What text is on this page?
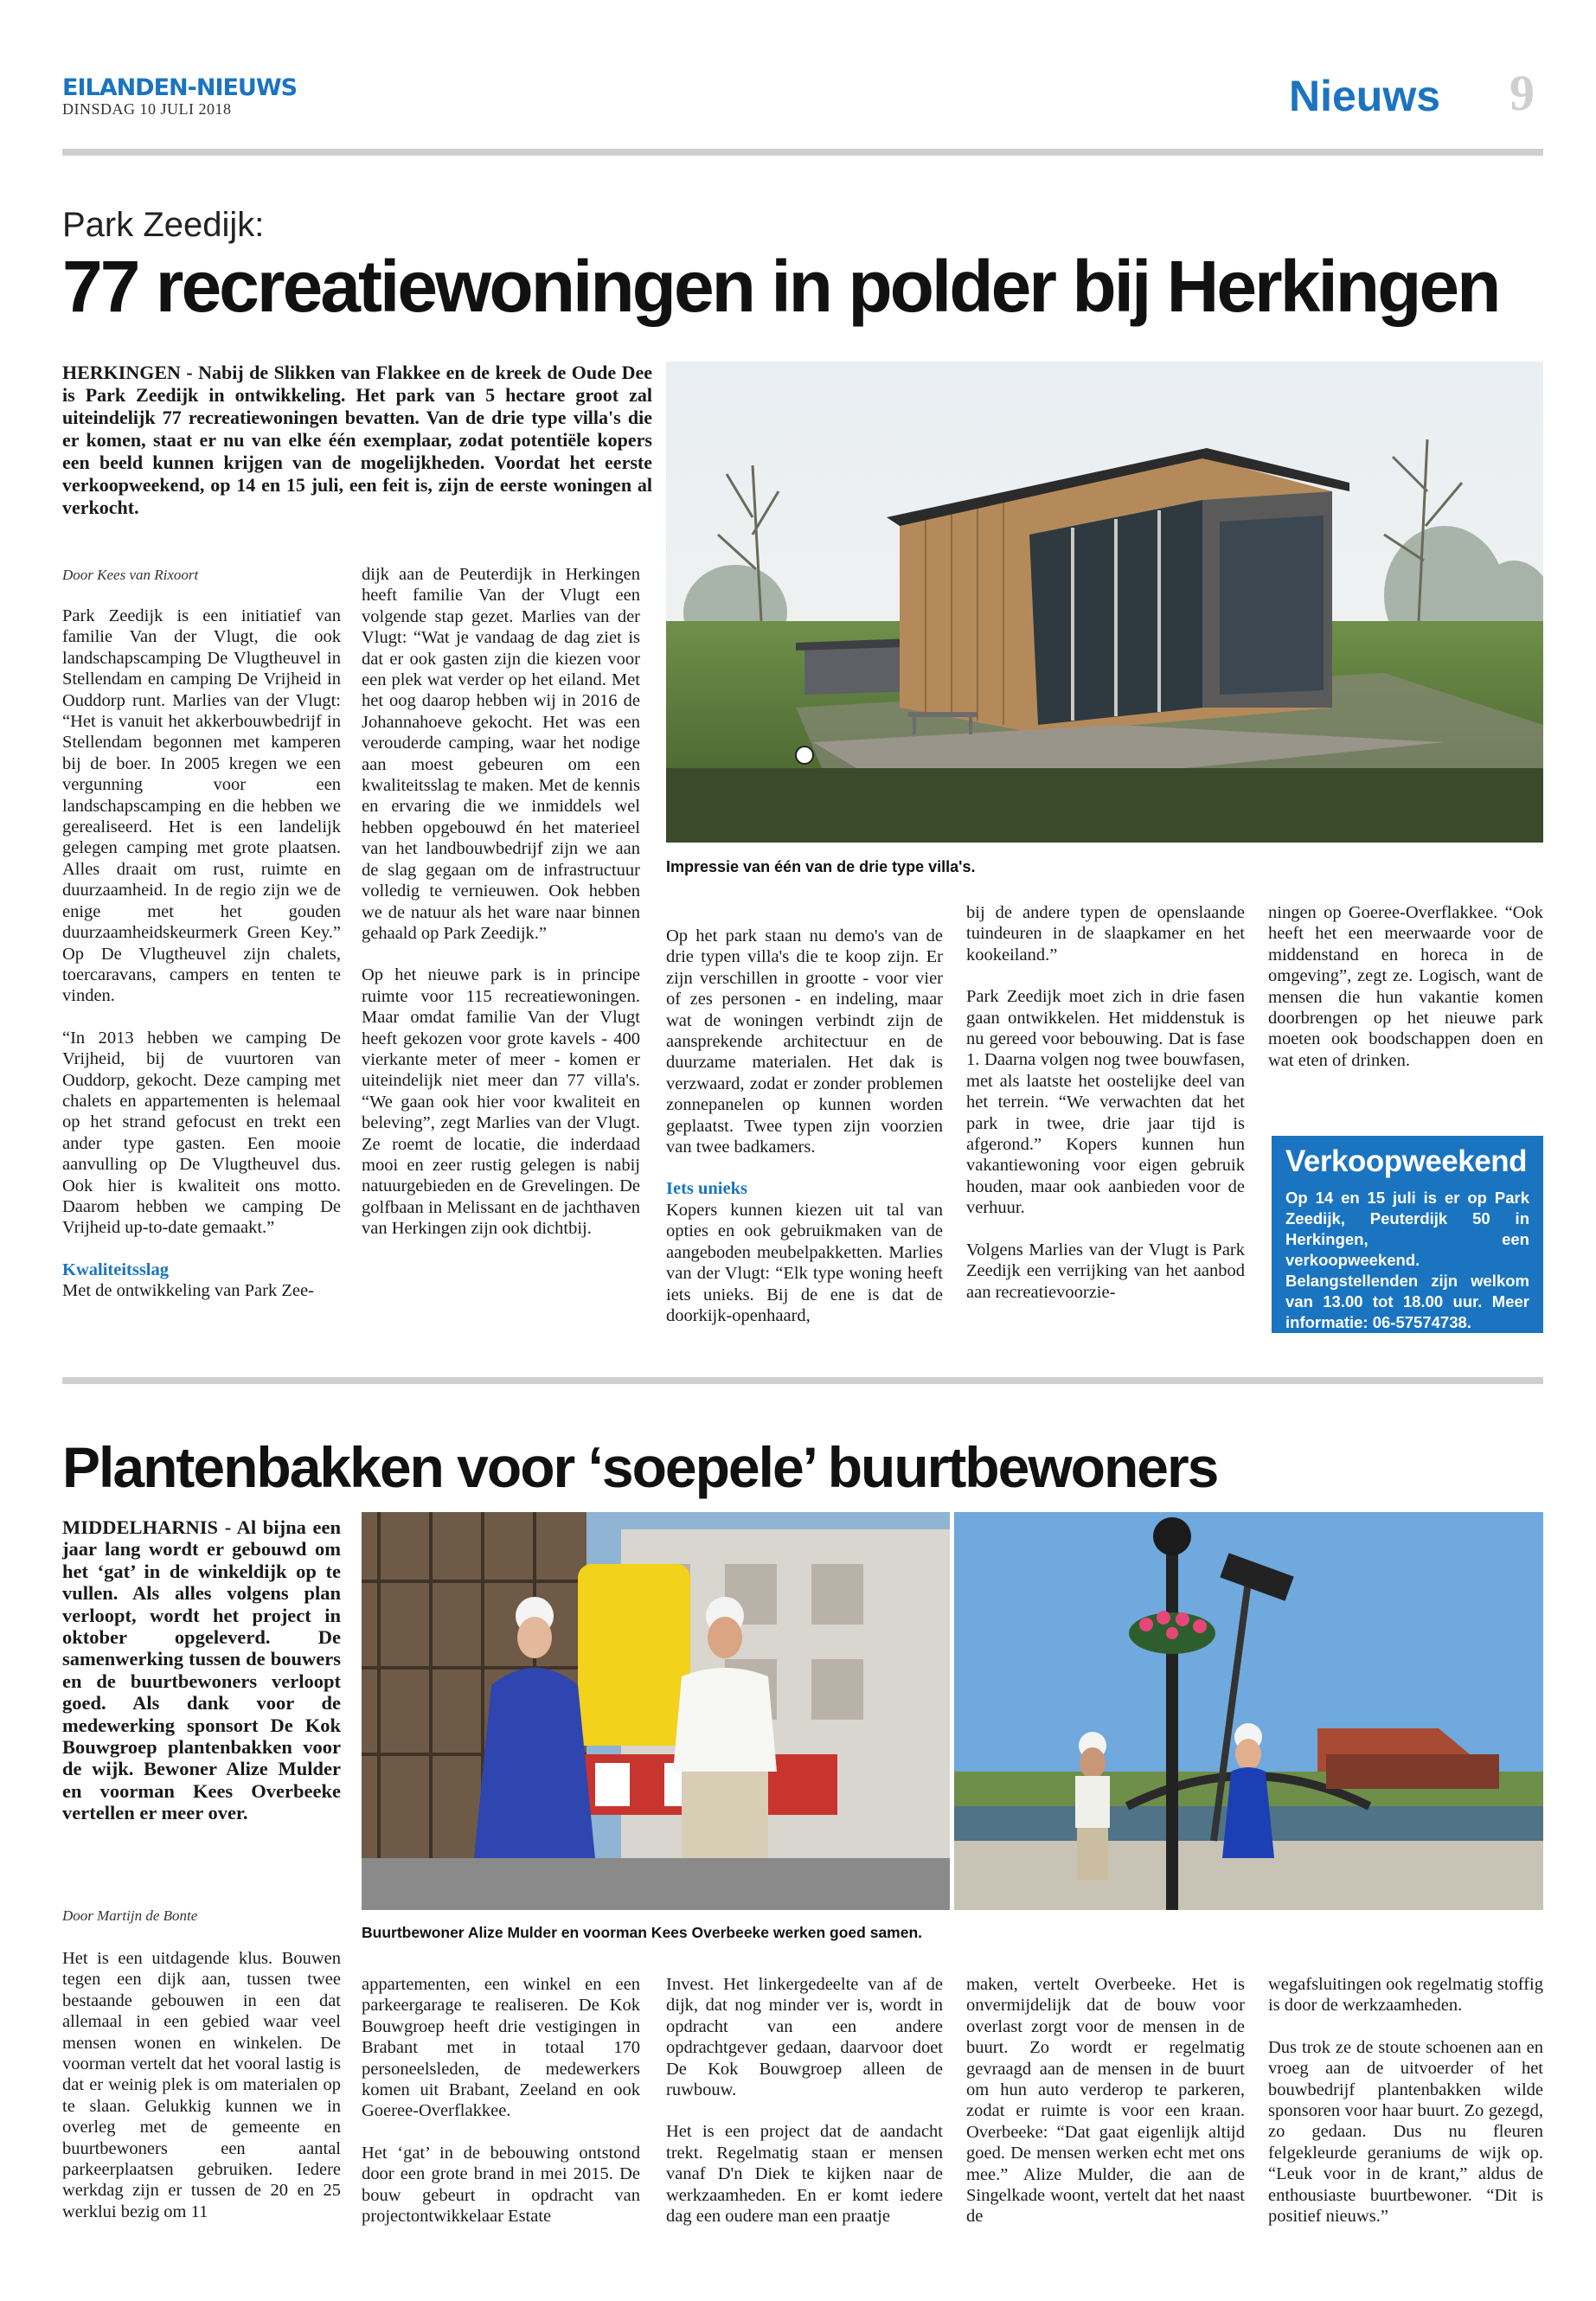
EILANDEN-NIEUWS
DINSDAG 10 JULI 2018	Nieuws 9
Park Zeedijk:
77 recreatiewoningen in polder bij Herkingen

HERKINGEN - Nabij de Slikken van Flakkee en de kreek de Oude Dee is Park Zeedijk in ontwikkeling. Het park van 5 hectare groot zal uiteindelijk 77 recreatiewoningen bevatten. Van de drie type villa's die er komen, staat er nu van elke één exemplaar, zodat potentiële kopers een beeld kunnen krijgen van de mogelijkheden. Voordat het eerste verkoopweekend, op 14 en 15 juli, een feit is, zijn de eerste woningen al verkocht.

Impressie van één van de drie type villa's.
Door Kees van Rixoort

Park Zeedijk is een initiatief van familie Van der Vlugt, die ook landschapscamping De Vlugtheuvel in Stellendam en camping De Vrijheid in Ouddorp runt. Marlies van der Vlugt: “Het is vanuit het akkerbouwbedrijf in Stellendam begonnen met kamperen bij de boer. In 2005 kregen we een vergunning voor een landschapscamping en die hebben we gerealiseerd. Het is een landelijk gelegen camping met grote plaatsen. Alles draait om rust, ruimte en duurzaamheid. In de regio zijn we de enige met het gouden duurzaamheidskeurmerk Green Key.” Op De Vlugtheuvel zijn chalets, toercaravans, campers en tenten te vinden.

“In 2013 hebben we camping De Vrijheid, bij de vuurtoren van Ouddorp, gekocht. Deze camping met chalets en appartementen is helemaal op het strand gefocust en trekt een ander type gasten. Een mooie aanvulling op De Vlugtheuvel dus. Ook hier is kwaliteit ons motto. Daarom hebben we camping De Vrijheid up-to-date gemaakt.”

Kwaliteitsslag

Met de ontwikkeling van Park Zee-

dijk aan de Peuterdijk in Herkingen heeft familie Van der Vlugt een volgende stap gezet. Marlies van der Vlugt: “Wat je vandaag de dag ziet is dat er ook gasten zijn die kiezen voor een plek wat verder op het eiland. Met het oog daarop hebben wij in 2016 de Johannahoeve gekocht. Het was een verouderde camping, waar het nodige aan moest gebeuren om een kwaliteitsslag te maken. Met de kennis en ervaring die we inmiddels wel hebben opgebouwd én het materieel van het landbouwbedrijf zijn we aan de slag gegaan om de infrastructuur volledig te vernieuwen. Ook hebben we de natuur als het ware naar binnen gehaald op Park Zeedijk.”

Op het nieuwe park is in principe ruimte voor 115 recreatiewoningen. Maar omdat familie Van der Vlugt heeft gekozen voor grote kavels - 400 vierkante meter of meer - komen er uiteindelijk niet meer dan 77 villa's. “We gaan ook hier voor kwaliteit en beleving”, zegt Marlies van der Vlugt. Ze roemt de locatie, die inderdaad mooi en zeer rustig gelegen is nabij natuurgebieden en de Grevelingen. De golfbaan in Melissant en de jachthaven van Herkingen zijn ook dichtbij.

Op het park staan nu demo's van de drie typen villa's die te koop zijn. Er zijn verschillen in grootte - voor vier of zes personen - en indeling, maar wat de woningen verbindt zijn de aansprekende architectuur en de duurzame materialen. Het dak is verzwaard, zodat er zonder problemen zonnepanelen op kunnen worden geplaatst. Twee typen zijn voorzien van twee badkamers.

Iets unieks

Kopers kunnen kiezen uit tal van opties en ook gebruikmaken van de aangeboden meubelpakketten. Marlies van der Vlugt: “Elk type woning heeft iets unieks. Bij de ene is dat de doorkijk-openhaard,

bij de andere typen de openslaande tuindeuren in de slaapkamer en het kookeiland.”

Park Zeedijk moet zich in drie fasen gaan ontwikkelen. Het middenstuk is nu gereed voor bebouwing. Dat is fase 1. Daarna volgen nog twee bouwfasen, met als laatste het oostelijke deel van het terrein. “We verwachten dat het park in twee, drie jaar tijd is afgerond.” Kopers kunnen hun vakantiewoning voor eigen gebruik houden, maar ook aanbieden voor de verhuur.

Volgens Marlies van der Vlugt is Park Zeedijk een verrijking van het aanbod aan recreatievoorzie-

ningen op Goeree-Overflakkee. “Ook heeft het een meerwaarde voor de middenstand en horeca in de omgeving”, zegt ze. Logisch, want de mensen die hun vakantie komen doorbrengen op het nieuwe park moeten ook boodschappen doen en wat eten of drinken.

Verkoopweekend
Op 14 en 15 juli is er op Park Zeedijk, Peuterdijk 50 in Herkingen, een verkoopweekend. Belangstellenden zijn welkom van 13.00 tot 18.00 uur. Meer informatie: 06-57574738.
Plantenbakken voor ‘soepele’ buurtbewoners

MIDDELHARNIS - Al bijna een jaar lang wordt er gebouwd om het ‘gat’ in de winkeldijk op te vullen. Als alles volgens plan verloopt, wordt het project in oktober opgeleverd. De samenwerking tussen de bouwers en de buurtbewoners verloopt goed. Als dank voor de medewerking sponsort De Kok Bouwgroep plantenbakken voor de wijk. Bewoner Alize Mulder en voorman Kees Overbeeke vertellen er meer over.

Buurtbewoner Alize Mulder en voorman Kees Overbeeke werken goed samen.
Door Martijn de Bonte

Het is een uitdagende klus. Bouwen tegen een dijk aan, tussen twee bestaande gebouwen in een dat allemaal in een gebied waar veel mensen wonen en winkelen. De voorman vertelt dat het vooral lastig is dat er weinig plek is om materialen op te slaan. Gelukkig kunnen we in overleg met de gemeente en buurtbewoners een aantal parkeerplaatsen gebruiken. Iedere werkdag zijn er tussen de 20 en 25 werklui bezig om 11

appartementen, een winkel en een parkeergarage te realiseren. De Kok Bouwgroep heeft drie vestigingen in Brabant met in totaal 170 personeelsleden, de medewerkers komen uit Brabant, Zeeland en ook Goeree-Overflakkee.

Het ‘gat’ in de bebouwing ontstond door een grote brand in mei 2015. De bouw gebeurt in opdracht van projectontwikkelaar Estate

Invest. Het linkergedeelte van af de dijk, dat nog minder ver is, wordt in opdracht van een andere opdrachtgever gedaan, daarvoor doet De Kok Bouwgroep alleen de ruwbouw.

Het is een project dat de aandacht trekt. Regelmatig staan er mensen vanaf D'n Diek te kijken naar de werkzaamheden. En er komt iedere dag een oudere man een praatje

maken, vertelt Overbeeke. Het is onvermijdelijk dat de bouw voor overlast zorgt voor de mensen in de buurt. Zo wordt er regelmatig gevraagd aan de mensen in de buurt om hun auto verderop te parkeren, zodat er ruimte is voor een kraan. Overbeeke: “Dat gaat eigenlijk altijd goed. De mensen werken echt met ons mee.” Alize Mulder, die aan de Singelkade woont, vertelt dat het naast de

wegafsluitingen ook regelmatig stoffig is door de werkzaamheden.

Dus trok ze de stoute schoenen aan en vroeg aan de uitvoerder of het bouwbedrijf plantenbakken wilde sponsoren voor haar buurt. Zo gezegd, zo gedaan. Dus nu fleuren felgekleurde geraniums de wijk op. “Leuk voor in de krant,” aldus de enthousiaste buurtbewoner. “Dit is positief nieuws.”
